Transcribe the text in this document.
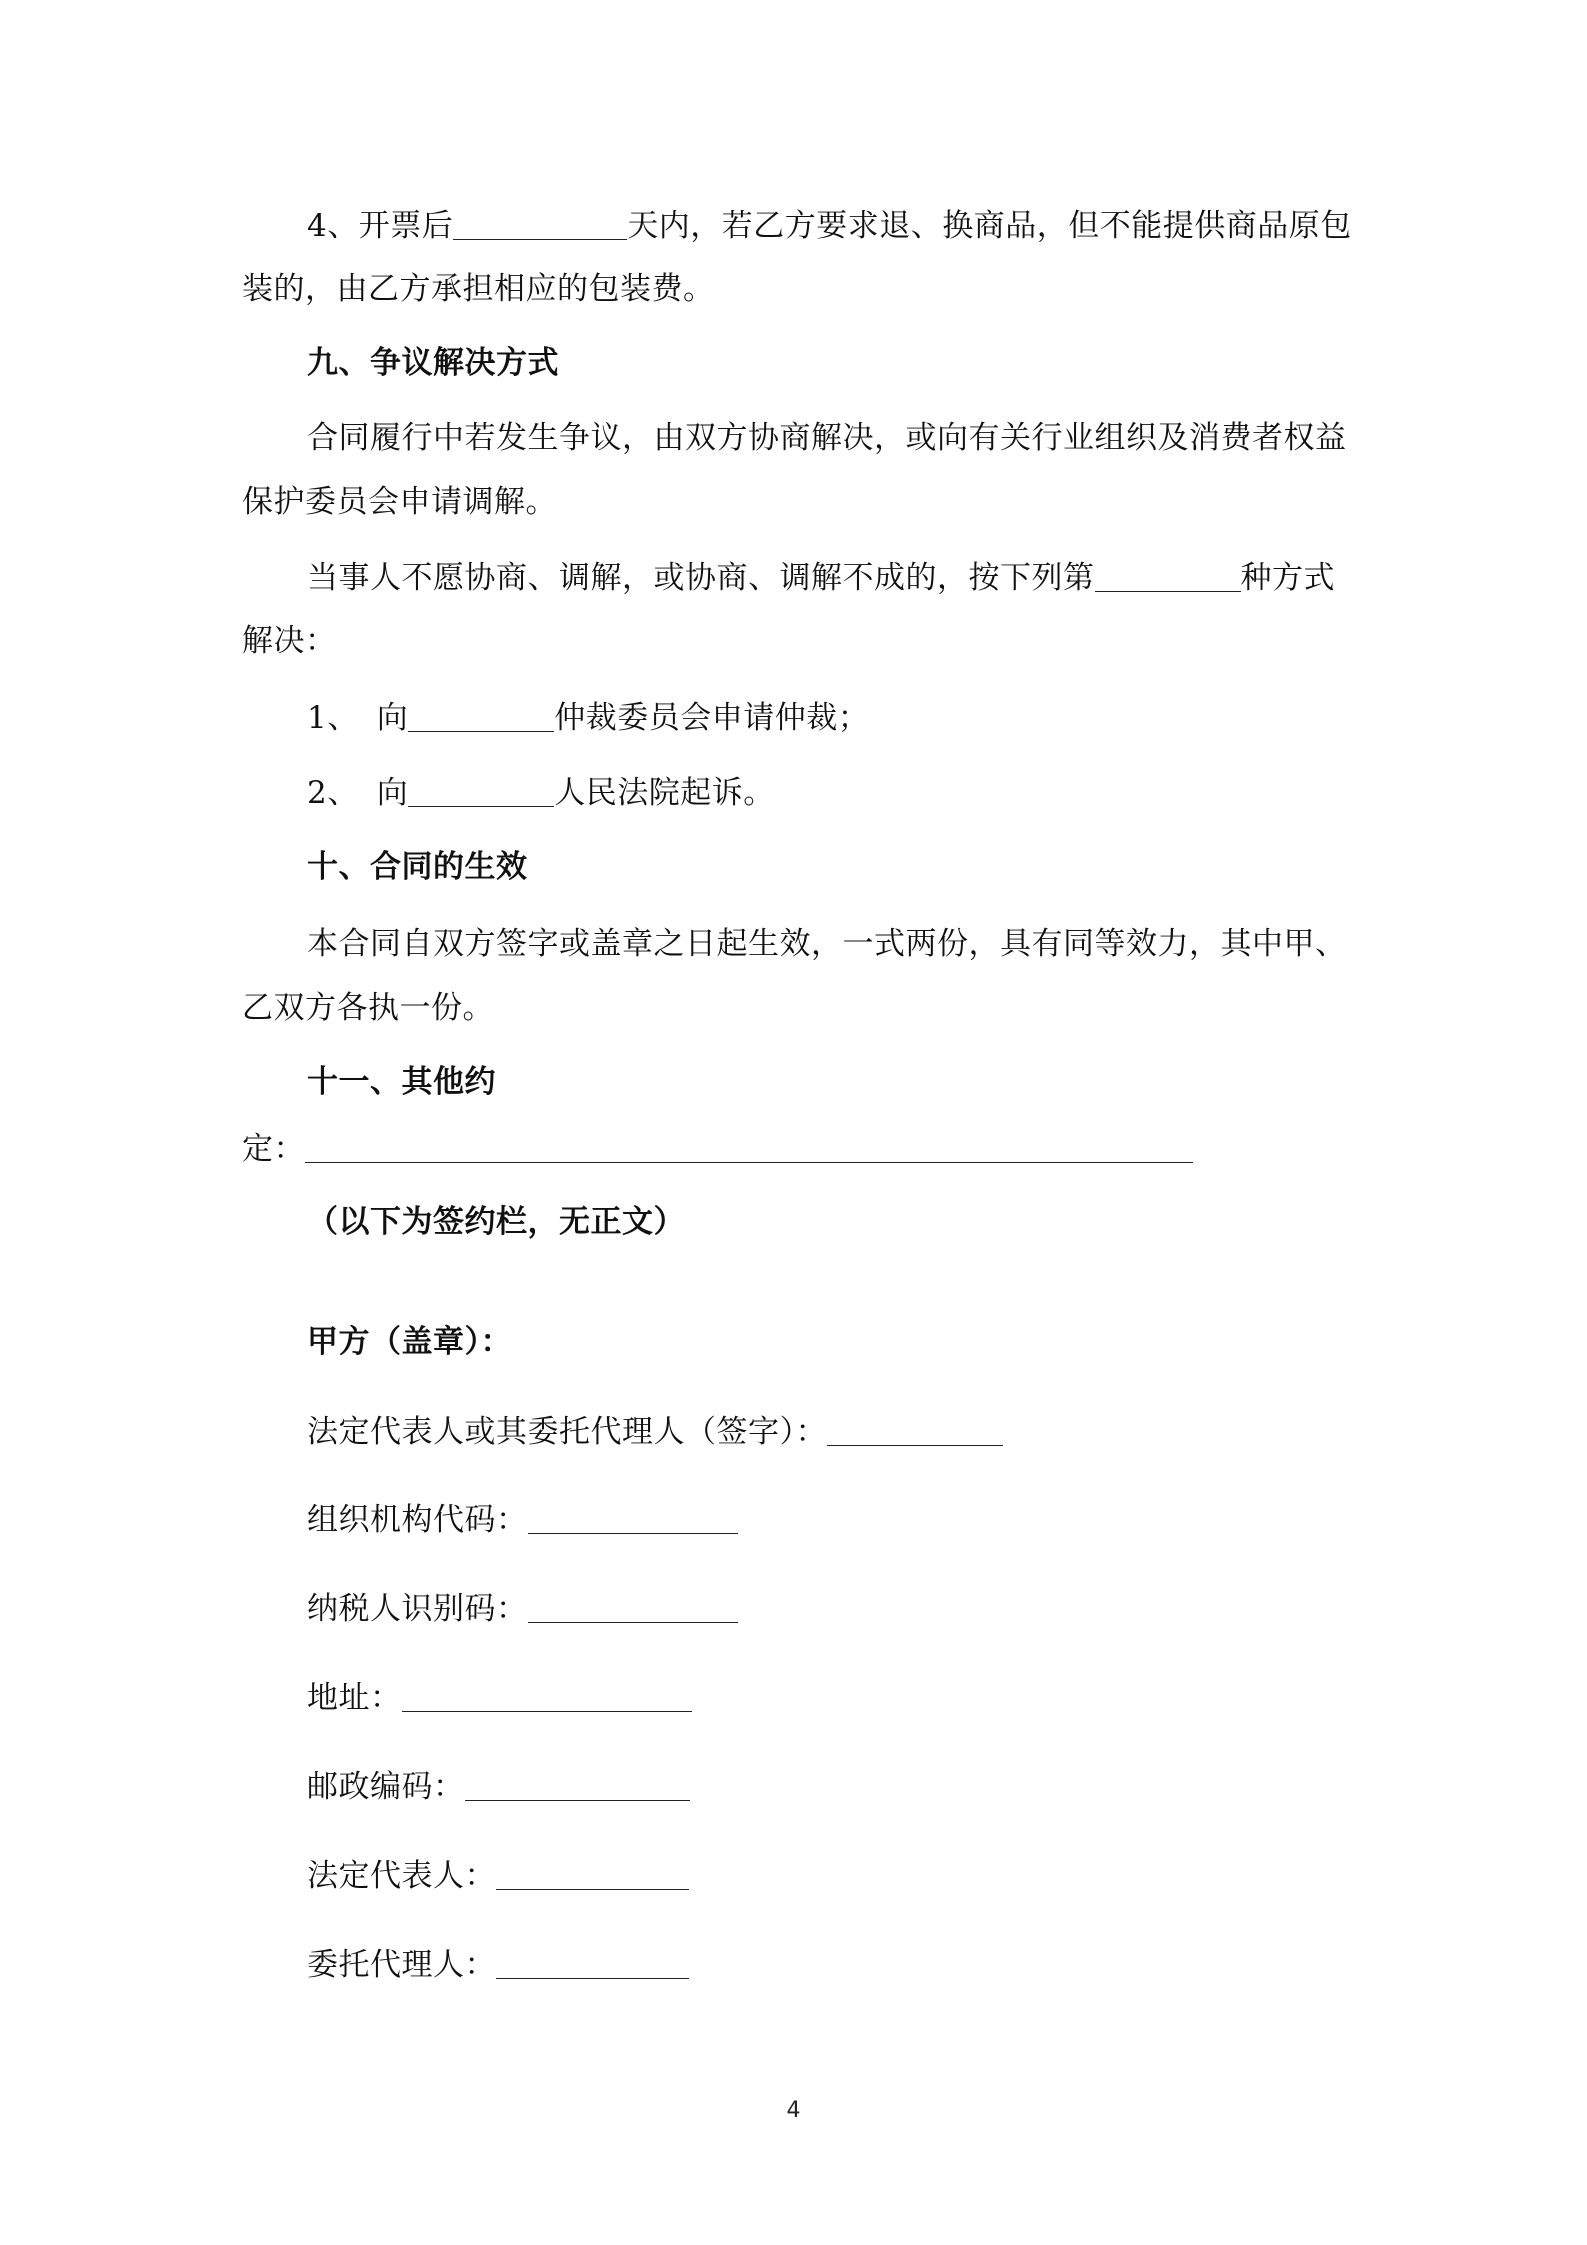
4、开票后	天内，若乙方要求退、换商品，但不能提供商品原包
装的，由乙方承担相应的包装费。
九、争议解决方式
合同履行中若发生争议，由双方协商解决，或向有关行业组织及消费者权益
保护委员会申请调解。
当事人不愿协商、调解，或协商、调解不成的，按下列第	种方式
解决：
1、 向	仲裁委员会申请仲裁；
2、 向	人民法院起诉。
十、合同的生效
本合同自双方签字或盖章之日起生效，一式两份，具有同等效力，其中甲、
乙双方各执一份。
十一、其他约
定：
（以下为签约栏，无正文）
甲方（盖章）：
法定代表人或其委托代理人（签字）：
组织机构代码：
纳税人识别码：
地址：
邮政编码：
法定代表人：
委托代理人：
4
